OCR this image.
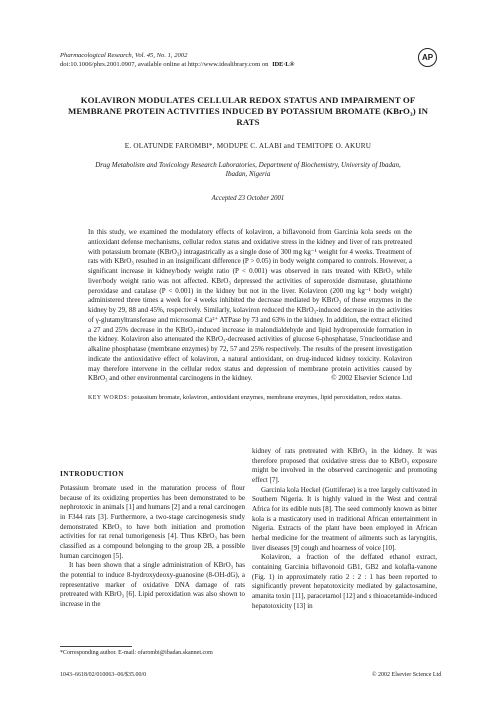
Pharmacological Research, Vol. 45, No. 1, 2002
doi:10.1006/phrs.2001.0907, available online at http://www.idealibrary.com on IDE·L®
AP
KOLAVIRON MODULATES CELLULAR REDOX STATUS AND IMPAIRMENT OF MEMBRANE PROTEIN ACTIVITIES INDUCED BY POTASSIUM BROMATE (KBrO₃) IN RATS
E. OLATUNDE FAROMBI*, MODUPE C. ALABI and TEMITOPE O. AKURU
Drug Metabolism and Toxicology Research Laboratories, Department of Biochemistry, University of Ibadan, Ibadan, Nigeria
Accepted 23 October 2001
In this study, we examined the modulatory effects of kolaviron, a biflavonoid from Garcinia kola seeds on the antioxidant defense mechanisms, cellular redox status and oxidative stress in the kidney and liver of rats pretreated with potassium bromate (KBrO₃) intragastrically as a single dose of 300 mg kg⁻¹ weight for 4 weeks. Treatment of rats with KBrO₃ resulted in an insignificant difference (P > 0.05) in body weight compared to controls. However, a significant increase in kidney/body weight ratio (P < 0.001) was observed in rats treated with KBrO₃ while liver/body weight ratio was not affected. KBrO₃ depressed the activities of superoxide dismutase, glutathione peroxidase and catalase (P < 0.001) in the kidney but not in the liver. Kolaviron (200 mg kg⁻¹ body weight) administered three times a week for 4 weeks inhibited the decrease mediated by KBrO₃ of these enzymes in the kidney by 29, 88 and 45%, respectively. Similarly, kolaviron reduced the KBrO₃-induced decrease in the activities of γ-glutamyltransferase and microsomal Ca²⁺ ATPase by 73 and 63% in the kidney. In addition, the extract elicited a 27 and 25% decrease in the KBrO₃-induced increase in malondialdehyde and lipid hydroperoxide formation in the kidney. Kolaviron also attenuated the KBrO₃-decreased activities of glucose 6-phosphatase, 5′nucleotidase and alkaline phosphatase (membrane enzymes) by 72, 57 and 25% respectively. The results of the present investigation indicate the antioxidative effect of kolaviron, a natural antioxidant, on drug-induced kidney toxicity. Kolaviron may therefore intervene in the cellular redox status and depression of membrane protein activities caused by KBrO₃ and other environmental carcinogens in the kidney.	© 2002 Elsevier Science Ltd
KEY WORDS: potassium bromate, kolaviron, antioxidant enzymes, membrane enzymes, lipid peroxidation, redox status.
INTRODUCTION

Potassium bromate used in the maturation process of flour because of its oxidizing properties has been demonstrated to be nephrotoxic in animals [1] and humans [2] and a renal carcinogen in F344 rats [3]. Furthermore, a two-stage carcinogenesis study demonstrated KBrO₃ to have both initiation and promotion activities for rat renal tumorigenesis [4]. Thus KBrO₃ has been classified as a compound belonging to the group 2B, a possible human carcinogen [5].

It has been shown that a single administration of KBrO₃ has the potential to induce 8-hydroxydeoxy-guanosine (8-OH-dG), a representative marker of oxidative DNA damage of rats pretreated with KBrO₃ [6]. Lipid peroxidation was also shown to increase in the

kidney of rats pretreated with KBrO₃ in the kidney. It was therefore proposed that oxidative stress due to KBrO₃ exposure might be involved in the observed carcinogenic and promoting effect [7].

Garcinia kola Heckel (Guttiferae) is a tree largely cultivated in Southern Nigeria. It is highly valued in the West and central Africa for its edible nuts [8]. The seed commonly known as bitter kola is a masticatory used in traditional African entertainment in Nigeria. Extracts of the plant have been employed in African herbal medicine for the treatment of ailments such as laryngitis, liver diseases [9] cough and hoarness of voice [10].

Kolaviron, a fraction of the deffated ethanol extract, containing Garcinia biflavonoid GB1, GB2 and kolafla-vanone (Fig. 1) in approximately ratio 2 : 2 : 1 has been reported to significantly prevent hepatotoxicity mediated by galactosamine, amanita toxin [11], paracetamol [12] and s thioacetamide-induced hepatotoxicity [13] in

*Corresponding author. E-mail: ofarombi@ibadan.skannet.com
1043–6618/02/010063–06/$35.00/0	© 2002 Elsevier Science Ltd
